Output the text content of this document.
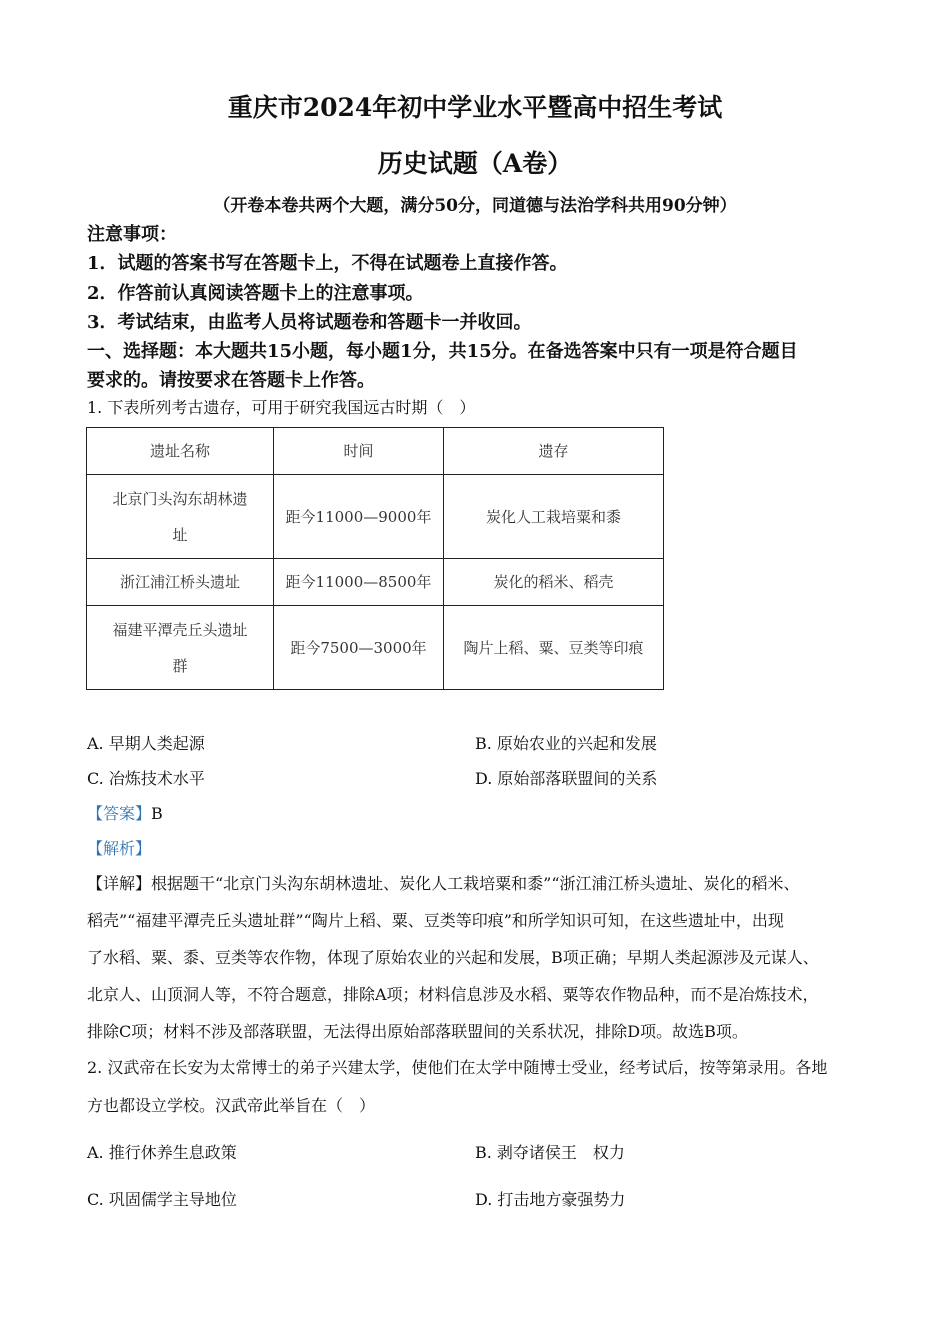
重庆市2024年初中学业水平暨高中招生考试
历史试题（A卷）
（开卷本卷共两个大题，满分50分，同道德与法治学科共用90分钟）
注意事项：
1．试题的答案书写在答题卡上，不得在试题卷上直接作答。
2．作答前认真阅读答题卡上的注意事项。
3．考试结束，由监考人员将试题卷和答题卡一并收回。
一、选择题：本大题共15小题，每小题1分，共15分。在备选答案中只有一项是符合题目
要求的。请按要求在答题卡上作答。
1. 下表所列考古遗存，可用于研究我国远古时期（　）
遗址名称	时间	遗存

北京门头沟东胡林遗
址	距今11000—9000年	炭化人工栽培粟和黍
浙江浦江桥头遗址	距今11000—8500年	炭化的稻米、稻壳

福建平潭壳丘头遗址
群	距今7500—3000年	陶片上稻、粟、豆类等印痕
A. 早期人类起源	B. 原始农业的兴起和发展
C. 冶炼技术水平	D. 原始部落联盟间的关系
【答案】B
【解析】
【详解】根据题干“北京门头沟东胡林遗址、炭化人工栽培粟和黍”“浙江浦江桥头遗址、炭化的稻米、
稻壳”“福建平潭壳丘头遗址群”“陶片上稻、粟、豆类等印痕”和所学知识可知，在这些遗址中，出现
了水稻、粟、黍、豆类等农作物，体现了原始农业的兴起和发展，B项正确；早期人类起源涉及元谋人、
北京人、山顶洞人等，不符合题意，排除A项；材料信息涉及水稻、粟等农作物品种，而不是冶炼技术，
排除C项；材料不涉及部落联盟，无法得出原始部落联盟间的关系状况，排除D项。故选B项。
2. 汉武帝在长安为太常博士的弟子兴建太学，使他们在太学中随博士受业，经考试后，按等第录用。各地
方也都设立学校。汉武帝此举旨在（　）
A. 推行休养生息政策	B. 剥夺诸侯王　权力
C. 巩固儒学主导地位	D. 打击地方豪强势力
